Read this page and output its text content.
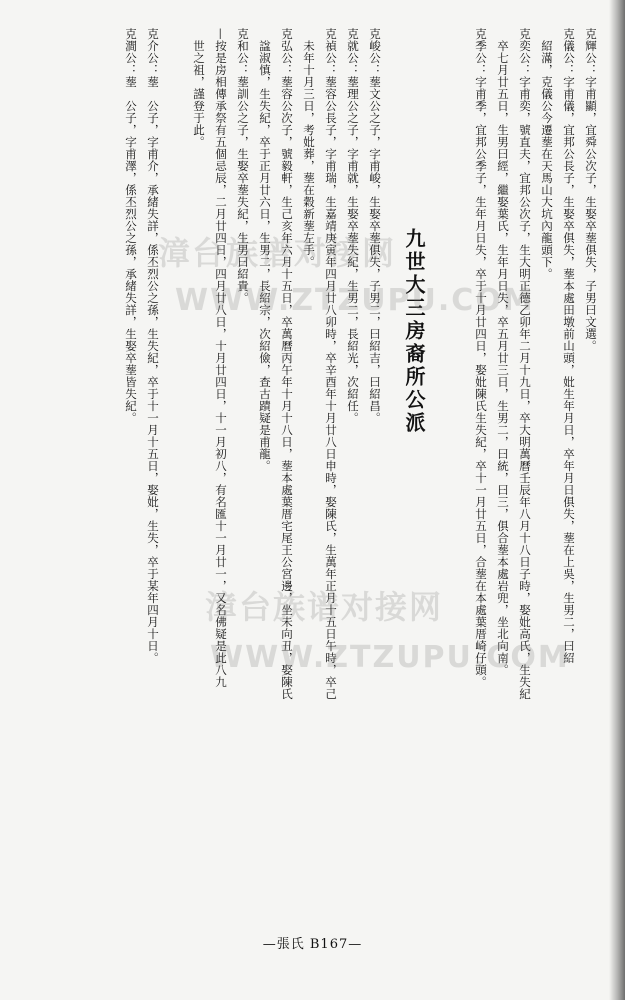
克輝公：字甫顯，宜舜公次子，生娶卒塟俱失，子男曰文選。
克儀公：字甫儀，宜邦公長子，生娶卒俱失，塟本處田墩前山頭，妣生年月日，卒年月日俱失，塟在上吳，生男二，曰紹
　紹滿，克儀公今遷塟在天馬山大坑內龍頭下。
克奕公：字甫奕，號直夫，宜邦公次子，生大明正德乙卯年二月十九日，卒大明萬曆壬辰年八月十八日子時，娶妣高氏，生失紀
　卒七月廿五日，生男曰經，繼娶葉氏，生年月日失，卒五月廿三日，生男二，曰統，曰三，俱合塟本處岩兜，坐北向南。
克季公：字甫季，宜邦公季子，生年月日失，卒于十月廿四日，娶妣陳氏生失紀，卒十一月廿五日，合塟在本處葉厝崎仔頭。
九世大三房裔所公派
克峻公：塟文公之子，字甫峻，生娶卒塟俱失，子男二，曰紹吉，曰紹昌。
克就公：塟理公之子，字甫就，生娶卒塟失紀，生男二，長紹光，次紹任。
克禎公：塟容公長子，字甫瑞，生嘉靖庚寅年四月廿八卯時，卒辛酉年十月廿八日申時，娶陳氏，生萬年正月十五日午時，卒己
　未年十月三日，考妣葬，塟在穀新塟左手。
克弘公：塟容公次子，號毅軒，生己亥年六月十五日，卒萬曆丙午年十月十八日，塟本處葉厝宅尾王公宮邊，坐未向丑，娶陳氏
　諡淑慎，生失紀，卒于正月廿六日，生男二，長紹宗，次紹儉，查古蹟疑是甫龍。
克和公：塟訓公之子，生娶卒塟失紀，生男曰紹貴。
—按是房相傳承祭有五個忌辰，二月廿四日，四月廿八日，十月廿四日，十一月初八，有名匯十一月廿一，又名佛疑是此八九
　世之祖，謹登于此。
克介公：塟　公子，字甫介，承緒失詳，係丕烈公之孫，生失紀，卒于十一月十五日，娶妣，生失，卒于某年四月十日。
克澗公：塟　公子，字甫澤，係丕烈公之孫，承緒失詳，生娶卒塟皆失紀。 漳台族谱对接网
WWW.ZTZUPU.COM
漳台族谱对接网
WWW.ZTZUPU.COM
—張氏 B167—
